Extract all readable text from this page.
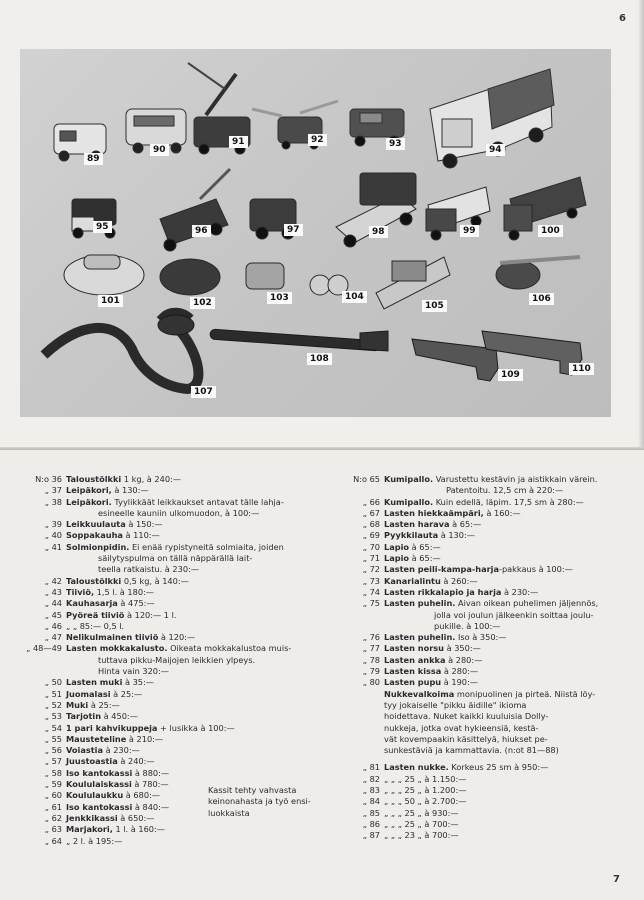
6
89
90
91	92	93
94
95	96	97	98	99	100
101	102	103	104
105
106
107
108
109
110
7
N:o 36 Taloustölkki 1 kg, à 240:—
„ 37 Leipäkori, à 130:—
„ 38 Leipäkori. Tyylikkäät leikkaukset antavat tälle lahja-
esineelle kauniin ulkomuodon, à 100:—
„ 39 Leikkuulauta à 150:—
„ 40 Soppakauha à 110:—
„ 41 Solmionpidin. Ei enää rypistyneitä solmiaita, joiden
säilytyspulma on tällä näppärällä lait-
teella ratkaistu. à 230:—
„ 42 Taloustölkki 0,5 kg, à 140:—
„ 43 Tiiviö, 1,5 l. à 180:—
„ 44 Kauhasarja à 475:—
„ 45 Pyöreä tiiviö à 120:— 1 l.
„ 46 „ „ 85:— 0,5 l.
„ 47 Nelikulmainen tiiviö à 120:—
„ 48—49 Lasten mokkakalusto. Oikeata mokkakalustoa muis-
tuttava pikku-Maijojen leikkien ylpeys.
Hinta vain 320:—
„ 50 Lasten muki à 35:—
„ 51 Juomalasi à 25:—
„ 52 Muki à 25:—
„ 53 Tarjotin à 450:—
„ 54 1 pari kahvikuppeja + lusikka à 100:—
„ 55 Mausteteline à 210:—
„ 56 Voiastia à 230:—
„ 57 Juustoastia à 240:—
„ 58 Iso kantokassi à 880:—
„ 59 Koululaiskassi à 780:—
„ 60 Koululaukku à 680:—
„ 61 Iso kantokassi à 840:—
„ 62 Jenkkikassi à 650:—
„ 63 Marjakori, 1 l. à 160:—
„ 64 „ 2 l. à 195:—
Kassit tehty vahvasta keinonahasta ja työ ensi-luokkaista
N:o 65 Kumipallo. Varustettu kestävin ja aistikkain värein.
Patentoitu. 12,5 cm à 220:—
„ 66 Kumipallo. Kuin edellä, läpim. 17,5 sm à 280:—
„ 67 Lasten hiekkaämpäri, à 160:—
„ 68 Lasten harava à 65:—
„ 69 Pyykkilauta à 130:—
„ 70 Lapio à 65:—
„ 71 Lapio à 65:—
„ 72 Lasten peili-kampa-harja-pakkaus à 100:—
„ 73 Kanarialintu à 260:—
„ 74 Lasten rikkalapio ja harja à 230:—
„ 75 Lasten puhelin. Aivan oikean puhelimen jäljennös,
jolla voi joulun jälkeenkin soittaa joulu-
pukille. à 100:—
„ 76 Lasten puhelin. Iso à 350:—
„ 77 Lasten norsu à 350:—
„ 78 Lasten ankka à 280:—
„ 79 Lasten kissa à 280:—
„ 80 Lasten pupu à 190:—
Nukkevalkoima monipuolinen ja pirteä. Niistä löy-
tyy jokaiselle "pikku äidille" ikioma
hoidettava. Nuket kaikki kuuluisia Dolly-
nukkeja, jotka ovat hykieensiä, kestä-
vät kovempaakin käsittelyä, hiukset pe-
sunkestäviä ja kammattavia. (n:ot 81—88)
„ 81 Lasten nukke. Korkeus 25 sm à 950:—
„ 82 „ „ „ 25 „ à 1.150:—
„ 83 „ „ „ 25 „ à 1.200:—
„ 84 „ „ „ 50 „ à 2.700:—
„ 85 „ „ „ 25 „ à 930:—
„ 86 „ „ „ 25 „ à 700:—
„ 87 „ „ „ 23 „ à 700:—
